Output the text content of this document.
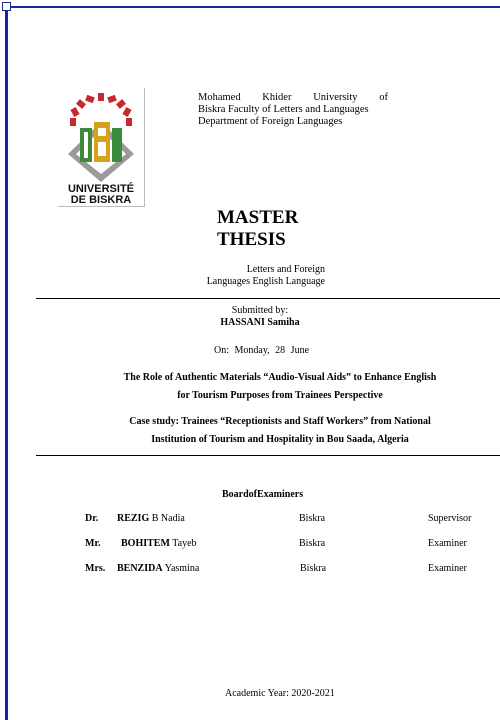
UNIVERSITÉ
DE BISKRA
Mohamed Khider University of
Biskra Faculty of Letters and Languages
Department of Foreign Languages
MASTER
THESIS
Letters and Foreign
Languages English Language
Submitted by:
HASSANI Samiha
On: Monday, 28 June
The Role of Authentic Materials “Audio-Visual Aids” to Enhance English
for Tourism Purposes from Trainees Perspective
Case study: Trainees “Receptionists and Staff Workers” from National
Institution of Tourism and Hospitality in Bou Saada, Algeria
BoardofExaminers
Dr. REZIG B Nadia	Biskra	Supervisor
Mr. BOHITEM Tayeb	Biskra	Examiner
Mrs. BENZIDA Yasmina	Biskra	Examiner
Academic Year: 2020-2021
